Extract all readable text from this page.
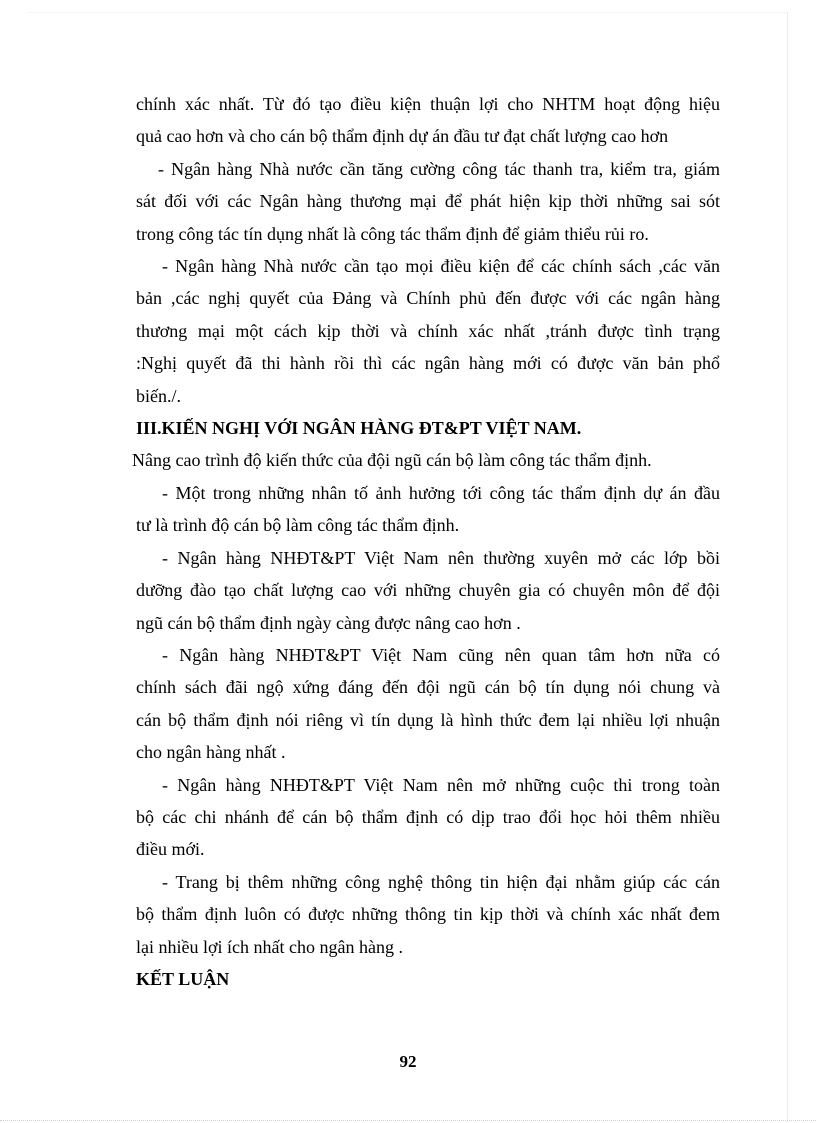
chính xác nhất. Từ đó tạo điều kiện thuận lợi cho NHTM hoạt động hiệu
quả cao hơn và cho cán bộ thẩm định dự án đầu tư đạt chất lượng cao hơn

- Ngân hàng Nhà nước cần tăng cường công tác thanh tra, kiểm tra, giám
sát đối với các Ngân hàng thương mại để phát hiện kịp thời những sai sót
trong công tác tín dụng nhất là công tác thẩm định để giảm thiểu rủi ro.

- Ngân hàng Nhà nước cần tạo mọi điều kiện để các chính sách ,các văn
bản ,các nghị quyết của Đảng và Chính phủ đến được với các ngân hàng
thương mại một cách kịp thời và chính xác nhất ,tránh được tình trạng
:Nghị quyết đã thi hành rồi thì các ngân hàng mới có được văn bản phổ
biến./.

III.KIẾN NGHỊ VỚI NGÂN HÀNG ĐT&PT VIỆT NAM.

Nâng cao trình độ kiến thức của đội ngũ cán bộ làm công tác thẩm định.

- Một trong những nhân tố ảnh hưởng tới công tác thẩm định dự án đầu
tư là trình độ cán bộ làm công tác thẩm định.

- Ngân hàng NHĐT&PT Việt Nam nên thường xuyên mở các lớp bồi
dưỡng đào tạo chất lượng cao với những chuyên gia có chuyên môn để đội
ngũ cán bộ thẩm định ngày càng được nâng cao hơn .

- Ngân hàng NHĐT&PT Việt Nam cũng nên quan tâm hơn nữa có
chính sách đãi ngộ xứng đáng đến đội ngũ cán bộ tín dụng nói chung và
cán bộ thẩm định nói riêng vì tín dụng là hình thức đem lại nhiều lợi nhuận
cho ngân hàng nhất .

- Ngân hàng NHĐT&PT Việt Nam nên mở những cuộc thi trong toàn
bộ các chi nhánh để cán bộ thẩm định có dịp trao đổi học hỏi thêm nhiều
điều mới.

- Trang bị thêm những công nghệ thông tin hiện đại nhằm giúp các cán
bộ thẩm định luôn có được những thông tin kịp thời và chính xác nhất đem
lại nhiều lợi ích nhất cho ngân hàng .

KẾT LUẬN

92
